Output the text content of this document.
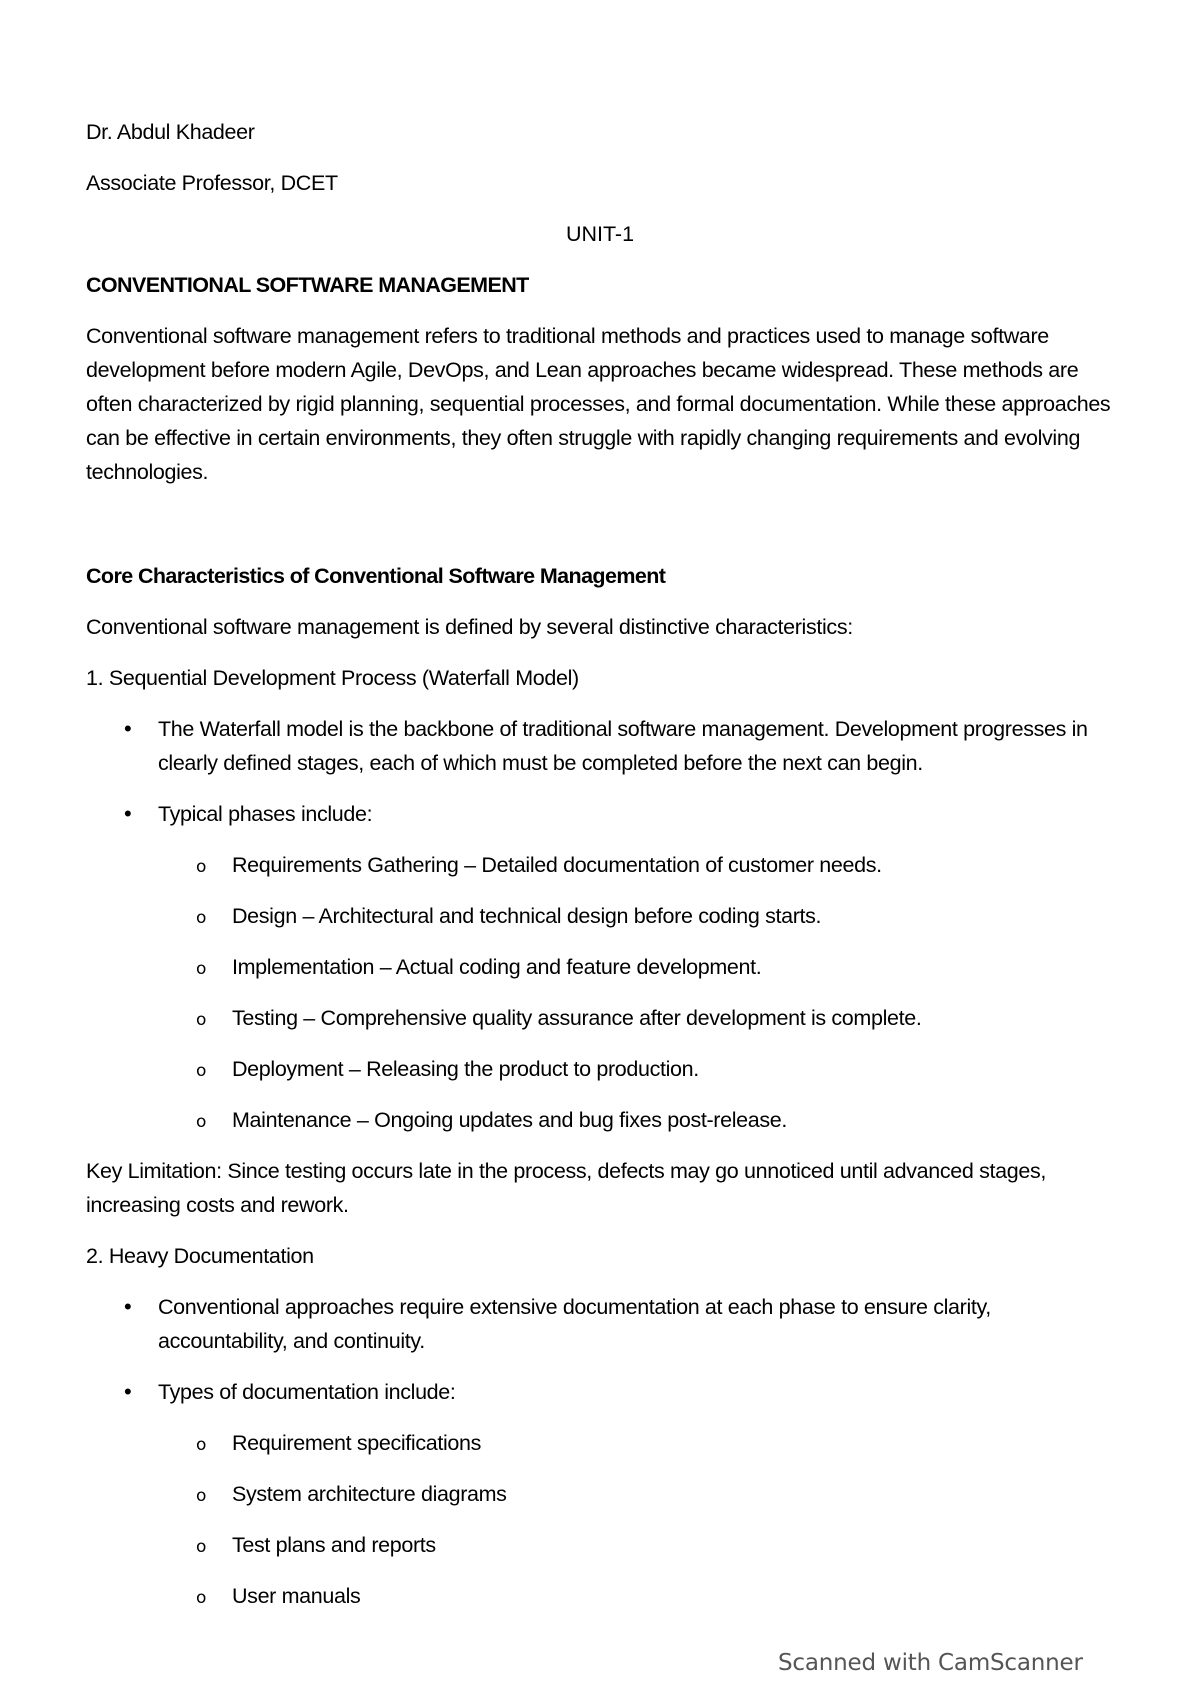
Dr. Abdul Khadeer
Associate Professor, DCET
UNIT-1
CONVENTIONAL SOFTWARE MANAGEMENT

Conventional software management refers to traditional methods and practices used to manage software development before modern Agile, DevOps, and Lean approaches became widespread. These methods are often characterized by rigid planning, sequential processes, and formal documentation. While these approaches can be effective in certain environments, they often struggle with rapidly changing requirements and evolving technologies.

Core Characteristics of Conventional Software Management
Conventional software management is defined by several distinctive characteristics:
1. Sequential Development Process (Waterfall Model)
•	The Waterfall model is the backbone of traditional software management. Development progresses in clearly defined stages, each of which must be completed before the next can begin.
•	Typical phases include:
o Requirements Gathering – Detailed documentation of customer needs.
o Design – Architectural and technical design before coding starts.
o Implementation – Actual coding and feature development.
o Testing – Comprehensive quality assurance after development is complete.
o Deployment – Releasing the product to production.
o Maintenance – Ongoing updates and bug fixes post-release.

Key Limitation: Since testing occurs late in the process, defects may go unnoticed until advanced stages, increasing costs and rework.

2. Heavy Documentation
•	Conventional approaches require extensive documentation at each phase to ensure clarity, accountability, and continuity.
•	Types of documentation include:
o Requirement specifications
o System architecture diagrams
o Test plans and reports
o User manuals
Scanned with CamScanner
